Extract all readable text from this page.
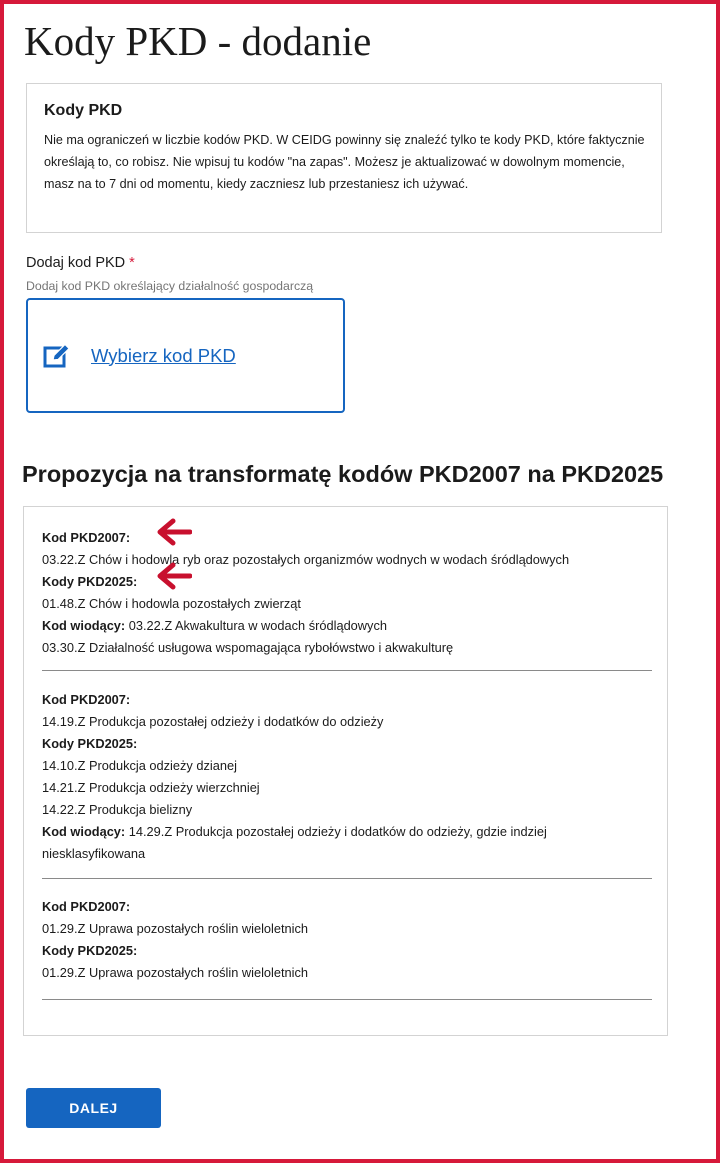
Kody PKD - dodanie

Kody PKD

Nie ma ograniczeń w liczbie kodów PKD. W CEIDG powinny się znaleźć tylko te kody PKD, które faktycznie określają to, co robisz. Nie wpisuj tu kodów "na zapas". Możesz je aktualizować w dowolnym momencie, masz na to 7 dni od momentu, kiedy zaczniesz lub przestaniesz ich używać.

Dodaj kod PKD *
Dodaj kod PKD określający działalność gospodarczą
Wybierz kod PKD
Propozycja na transformatę kodów PKD2007 na PKD2025

Kod PKD2007:

03.22.Z Chów i hodowla ryb oraz pozostałych organizmów wodnych w wodach śródlądowych

Kody PKD2025:

01.48.Z Chów i hodowla pozostałych zwierząt

Kod wiodący: 03.22.Z Akwakultura w wodach śródlądowych

03.30.Z Działalność usługowa wspomagająca rybołówstwo i akwakulturę

Kod PKD2007:

14.19.Z Produkcja pozostałej odzieży i dodatków do odzieży

Kody PKD2025:

14.10.Z Produkcja odzieży dzianej

14.21.Z Produkcja odzieży wierzchniej

14.22.Z Produkcja bielizny

Kod wiodący: 14.29.Z Produkcja pozostałej odzieży i dodatków do odzieży, gdzie indziej niesklasyfikowana

Kod PKD2007:

01.29.Z Uprawa pozostałych roślin wieloletnich

Kody PKD2025:

01.29.Z Uprawa pozostałych roślin wieloletnich

DALEJ
